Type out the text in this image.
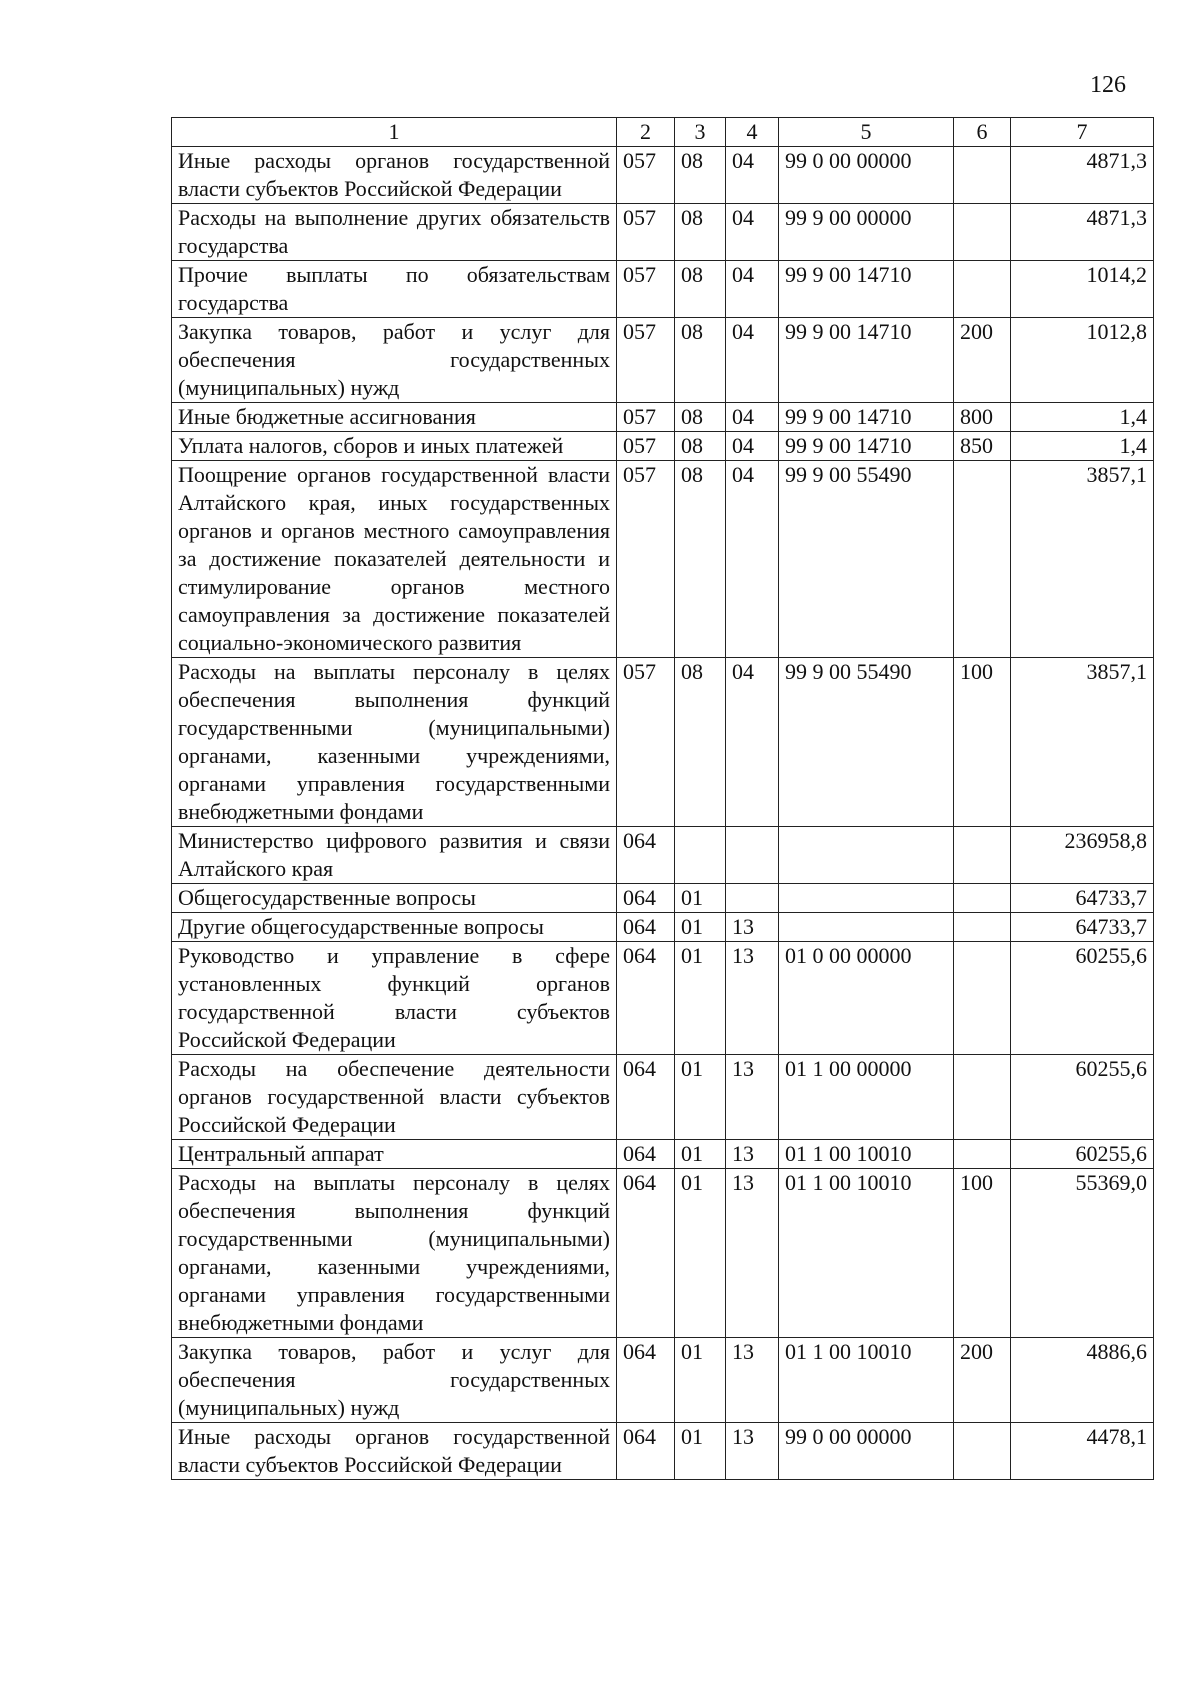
126
1	2	3	4	5	6	7
Иные расходы органов государственной власти субъектов Российской Федерации	057	08	04	99 0 00 00000		4871,3
Расходы на выполнение других обязательств государства	057	08	04	99 9 00 00000		4871,3
Прочие выплаты по обязательствам государства	057	08	04	99 9 00 14710		1014,2
Закупка товаров, работ и услуг для обеспечения государственных (муниципальных) нужд	057	08	04	99 9 00 14710	200	1012,8
Иные бюджетные ассигнования	057	08	04	99 9 00 14710	800	1,4
Уплата налогов, сборов и иных платежей	057	08	04	99 9 00 14710	850	1,4
Поощрение органов государственной власти Алтайского края, иных государственных органов и органов местного самоуправления за достижение показателей деятельности и стимулирование органов местного самоуправления за достижение показателей социально-экономического развития	057	08	04	99 9 00 55490		3857,1
Расходы на выплаты персоналу в целях обеспечения выполнения функций государственными (муниципальными) органами, казенными учреждениями, органами управления государственными внебюджетными фондами	057	08	04	99 9 00 55490	100	3857,1
Министерство цифрового развития и связи Алтайского края	064					236958,8
Общегосударственные вопросы	064	01				64733,7
Другие общегосударственные вопросы	064	01	13			64733,7
Руководство и управление в сфере установленных функций органов государственной власти субъектов Российской Федерации	064	01	13	01 0 00 00000		60255,6
Расходы на обеспечение деятельности органов государственной власти субъектов Российской Федерации	064	01	13	01 1 00 00000		60255,6
Центральный аппарат	064	01	13	01 1 00 10010		60255,6
Расходы на выплаты персоналу в целях обеспечения выполнения функций государственными (муниципальными) органами, казенными учреждениями, органами управления государственными внебюджетными фондами	064	01	13	01 1 00 10010	100	55369,0
Закупка товаров, работ и услуг для обеспечения государственных (муниципальных) нужд	064	01	13	01 1 00 10010	200	4886,6
Иные расходы органов государственной власти субъектов Российской Федерации	064	01	13	99 0 00 00000		4478,1
